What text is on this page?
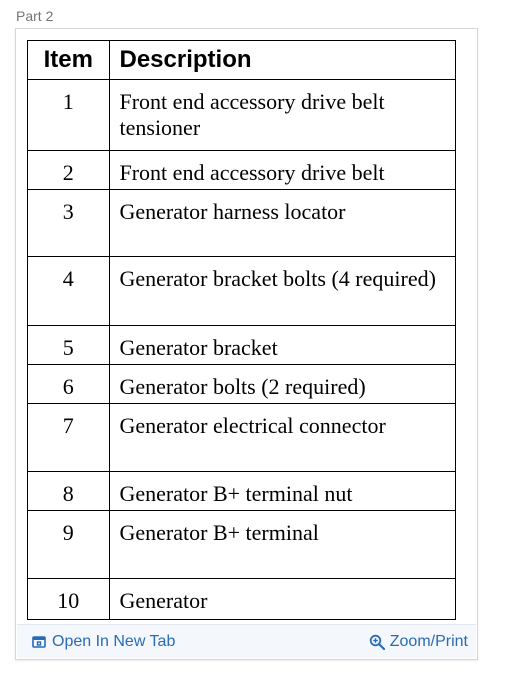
Part 2
Item	Description
1	Front end accessory drive belt tensioner
2	Front end accessory drive belt
3	Generator harness locator
4	Generator bracket bolts (4 required)
5	Generator bracket
6	Generator bolts (2 required)
7	Generator electrical connector
8	Generator B+ terminal nut
9	Generator B+ terminal
10	Generator
Open In New Tab	Zoom/Print
